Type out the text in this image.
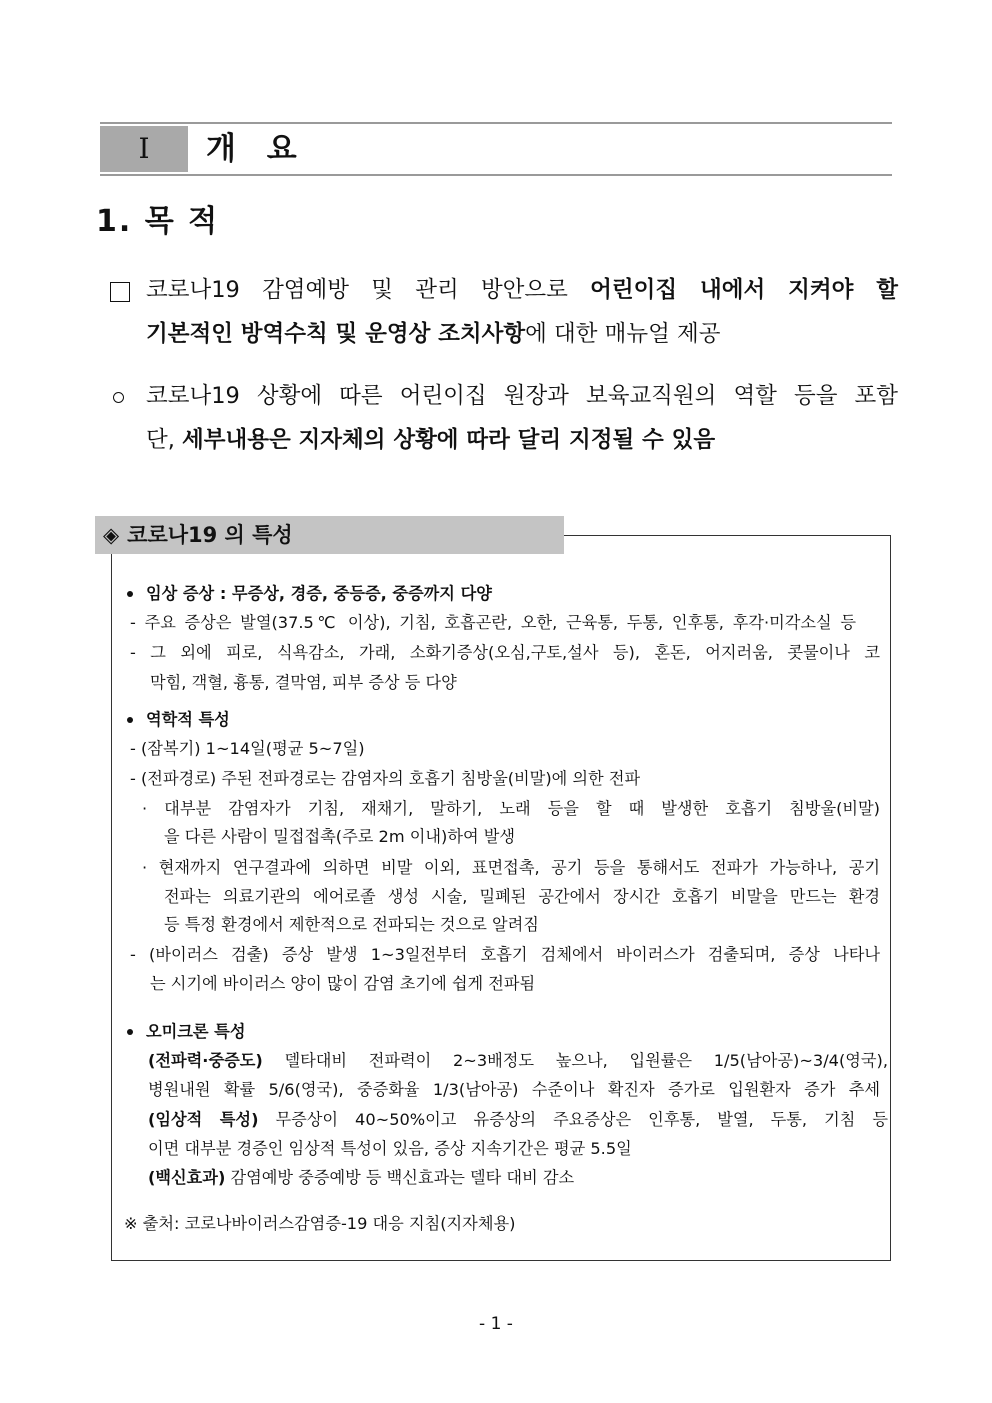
Ⅰ	개 요
1. 목 적
코로나19 감염예방 및 관리 방안으로 어린이집 내에서 지켜야 할
기본적인 방역수칙 및 운영상 조치사항에 대한 매뉴얼 제공
코로나19 상황에 따른 어린이집 원장과 보육교직원의 역할 등을 포함
단, 세부내용은 지자체의 상황에 따라 달리 지정될 수 있음
◈ 코로나19 의 특성
임상 증상 : 무증상, 경증, 중등증, 중증까지 다양
- 주요 증상은 발열(37.5℃ 이상), 기침, 호흡곤란, 오한, 근육통, 두통, 인후통, 후각·미각소실 등
- 그 외에 피로, 식욕감소, 가래, 소화기증상(오심,구토,설사 등), 혼돈, 어지러움, 콧물이나 코
막힘, 객혈, 흉통, 결막염, 피부 증상 등 다양
역학적 특성
- (잠복기) 1~14일(평균 5~7일)
- (전파경로) 주된 전파경로는 감염자의 호흡기 침방울(비말)에 의한 전파
· 대부분 감염자가 기침, 재채기, 말하기, 노래 등을 할 때 발생한 호흡기 침방울(비말)
을 다른 사람이 밀접접촉(주로 2m 이내)하여 발생
· 현재까지 연구결과에 의하면 비말 이외, 표면접촉, 공기 등을 통해서도 전파가 가능하나, 공기
전파는 의료기관의 에어로졸 생성 시술, 밀폐된 공간에서 장시간 호흡기 비말을 만드는 환경
등 특정 환경에서 제한적으로 전파되는 것으로 알려짐
- (바이러스 검출) 증상 발생 1~3일전부터 호흡기 검체에서 바이러스가 검출되며, 증상 나타나
는 시기에 바이러스 양이 많이 감염 초기에 쉽게 전파됨
오미크론 특성
(전파력·중증도) 델타대비 전파력이 2~3배정도 높으나, 입원률은 1/5(남아공)~3/4(영국),
병원내원 확률 5/6(영국), 중증화율 1/3(남아공) 수준이나 확진자 증가로 입원환자 증가 추세
(임상적 특성) 무증상이 40~50%이고 유증상의 주요증상은 인후통, 발열, 두통, 기침 등
이면 대부분 경증인 임상적 특성이 있음, 증상 지속기간은 평균 5.5일
(백신효과) 감염예방 중증예방 등 백신효과는 델타 대비 감소
※ 출처: 코로나바이러스감염증-19 대응 지침(지자체용)
- 1 -
